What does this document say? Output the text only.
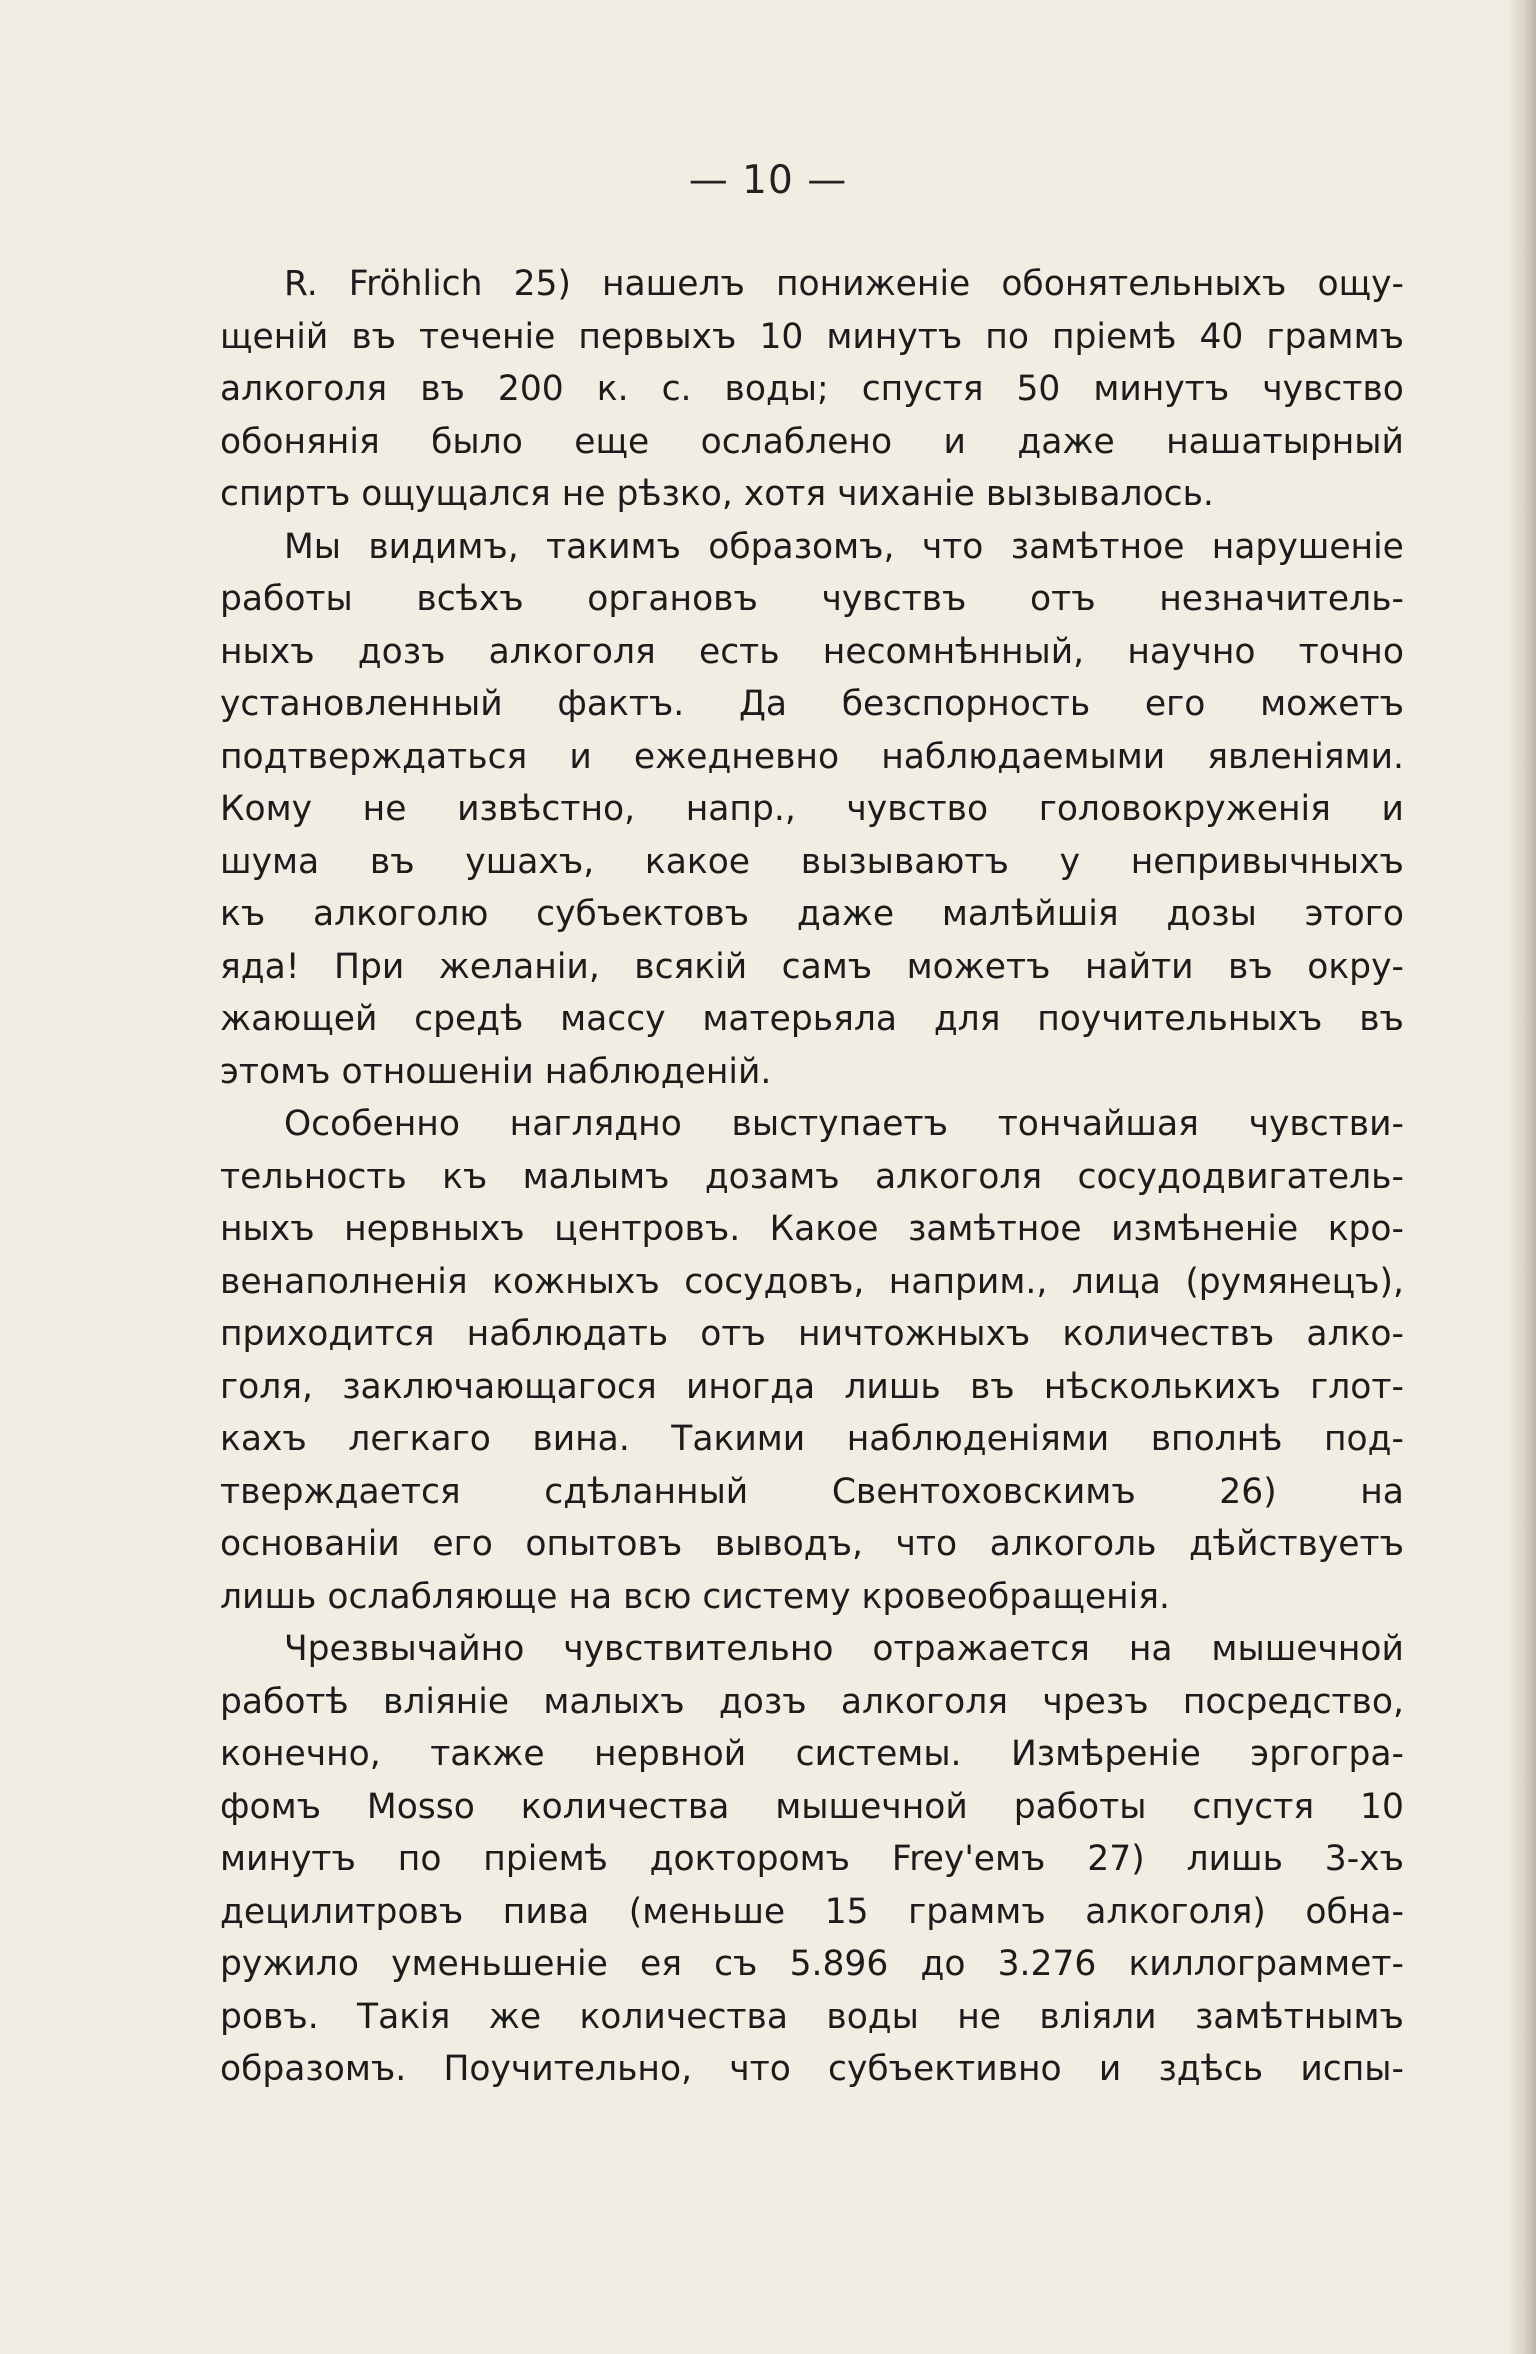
— 10 —
R. Fröhlich 25) нашелъ пониженіе обонятельныхъ ощу-
щеній въ теченіе первыхъ 10 минутъ по пріемѣ 40 граммъ
алкоголя въ 200 к. с. воды; спустя 50 минутъ чувство
обонянія было еще ослаблено и даже нашатырный
спиртъ
ощущался
не
рѣзко,
хотя
чиханіе
вызывалось.
Мы видимъ, такимъ образомъ, что замѣтное нарушеніе
работы всѣхъ органовъ чувствъ отъ незначитель-
ныхъ дозъ алкоголя есть несомнѣнный, научно точно
установленный фактъ. Да безспорность его можетъ
подтверждаться и ежедневно наблюдаемыми явленіями.
Кому не извѣстно, напр., чувство головокруженія и
шума въ ушахъ, какое вызываютъ у непривычныхъ
къ алкоголю субъектовъ даже малѣйшія дозы этого
яда! При желаніи, всякій самъ можетъ найти въ окру-
жающей средѣ массу матерьяла для поучительныхъ въ
этомъ
отношеніи
наблюденій.
Особенно наглядно выступаетъ тончайшая чувстви-
тельность къ малымъ дозамъ алкоголя сосудодвигатель-
ныхъ нервныхъ центровъ. Какое замѣтное измѣненіе кро-
венаполненія кожныхъ сосудовъ, наприм., лица (румянецъ),
приходится наблюдать отъ ничтожныхъ количествъ алко-
голя, заключающагося иногда лишь въ нѣсколькихъ глот-
кахъ легкаго вина. Такими наблюденіями вполнѣ под-
тверждается сдѣланный Свентоховскимъ 26) на
основаніи его опытовъ выводъ, что алкоголь дѣйствуетъ
лишь
ослабляюще
на
всю
систему
кровеобращенія.
Чрезвычайно чувствительно отражается на мышечной
работѣ вліяніе малыхъ дозъ алкоголя чрезъ посредство,
конечно, также нервной системы. Измѣреніе эргогра-
фомъ Mosso количества мышечной работы спустя 10
минутъ по пріемѣ докторомъ Frey'емъ 27) лишь 3-хъ
децилитровъ пива (меньше 15 граммъ алкоголя) обна-
ружило уменьшеніе ея съ 5.896 до 3.276 киллограммет-
ровъ. Такія же количества воды не вліяли замѣтнымъ
образомъ. Поучительно, что субъективно и здѣсь испы-
